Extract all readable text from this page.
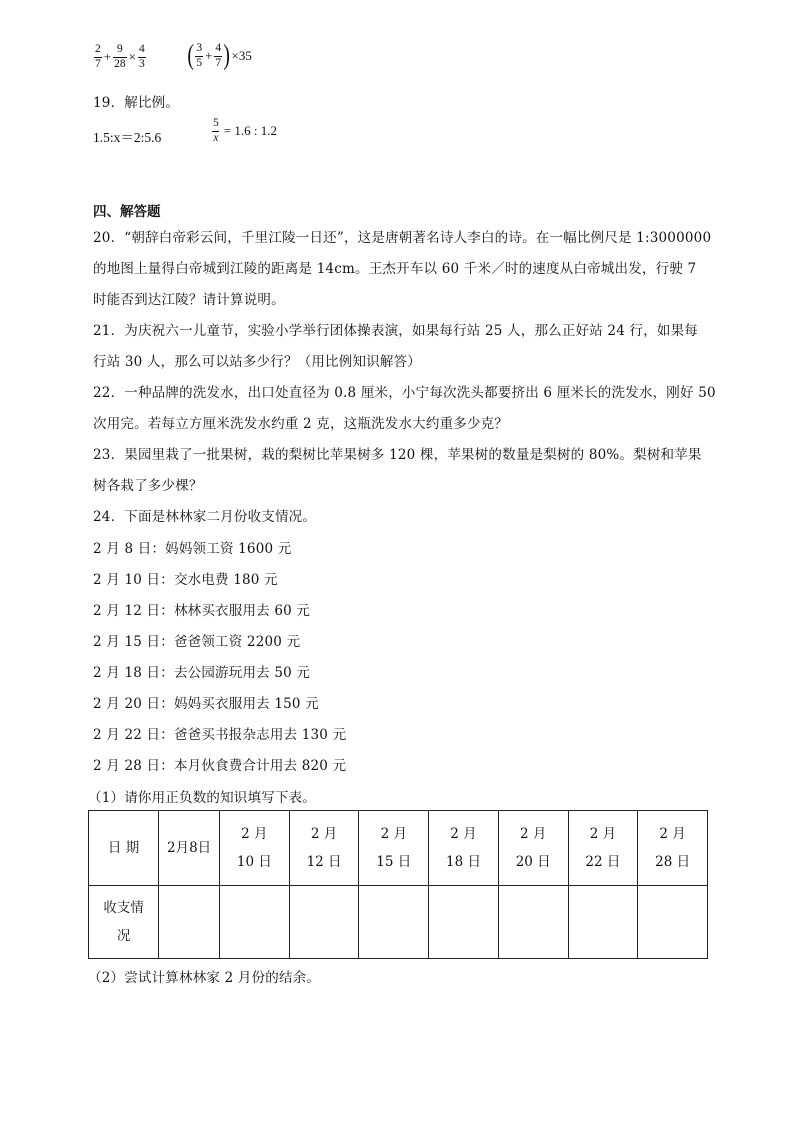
$\frac{2}{7} + \frac{9}{28} \times \frac{4}{3}$ ( $\frac{3}{5} + \frac{4}{7}$ ) ×35
19．解比例。
1.5:x＝2:5.6	$\frac{5}{x} = 1.6$ : 1.2
四、解答题
20．“朝辞白帝彩云间，千里江陵一日还”，这是唐朝著名诗人李白的诗。在一幅比例尺是 1:3000000
的地图上量得白帝城到江陵的距离是 14cm。王杰开车以 60 千米／时的速度从白帝城出发，行驶 7
时能否到达江陵？请计算说明。
21．为庆祝六一儿童节，实验小学举行团体操表演，如果每行站 25 人，那么正好站 24 行，如果每
行站 30 人，那么可以站多少行？（用比例知识解答）
22．一种品牌的洗发水，出口处直径为 0.8 厘米，小宁每次洗头都要挤出 6 厘米长的洗发水，刚好 50
次用完。若每立方厘米洗发水约重 2 克，这瓶洗发水大约重多少克？
23．果园里栽了一批果树，栽的梨树比苹果树多 120 棵，苹果树的数量是梨树的 80%。梨树和苹果
树各栽了多少棵？
24．下面是林林家二月份收支情况。
2 月 8 日：妈妈领工资 1600 元
2 月 10 日：交水电费 180 元
2 月 12 日：林林买衣服用去 60 元
2 月 15 日：爸爸领工资 2200 元
2 月 18 日：去公园游玩用去 50 元
2 月 20 日：妈妈买衣服用去 150 元
2 月 22 日：爸爸买书报杂志用去 130 元
2 月 28 日：本月伙食费合计用去 820 元
（1）请你用正负数的知识填写下表。
日 期	2月8日	2 月 10 日	2 月 12 日	2 月 15 日	2 月 18 日	2 月 20 日	2 月 22 日	2 月 28 日
收支情况								
（2）尝试计算林林家 2 月份的结余。
